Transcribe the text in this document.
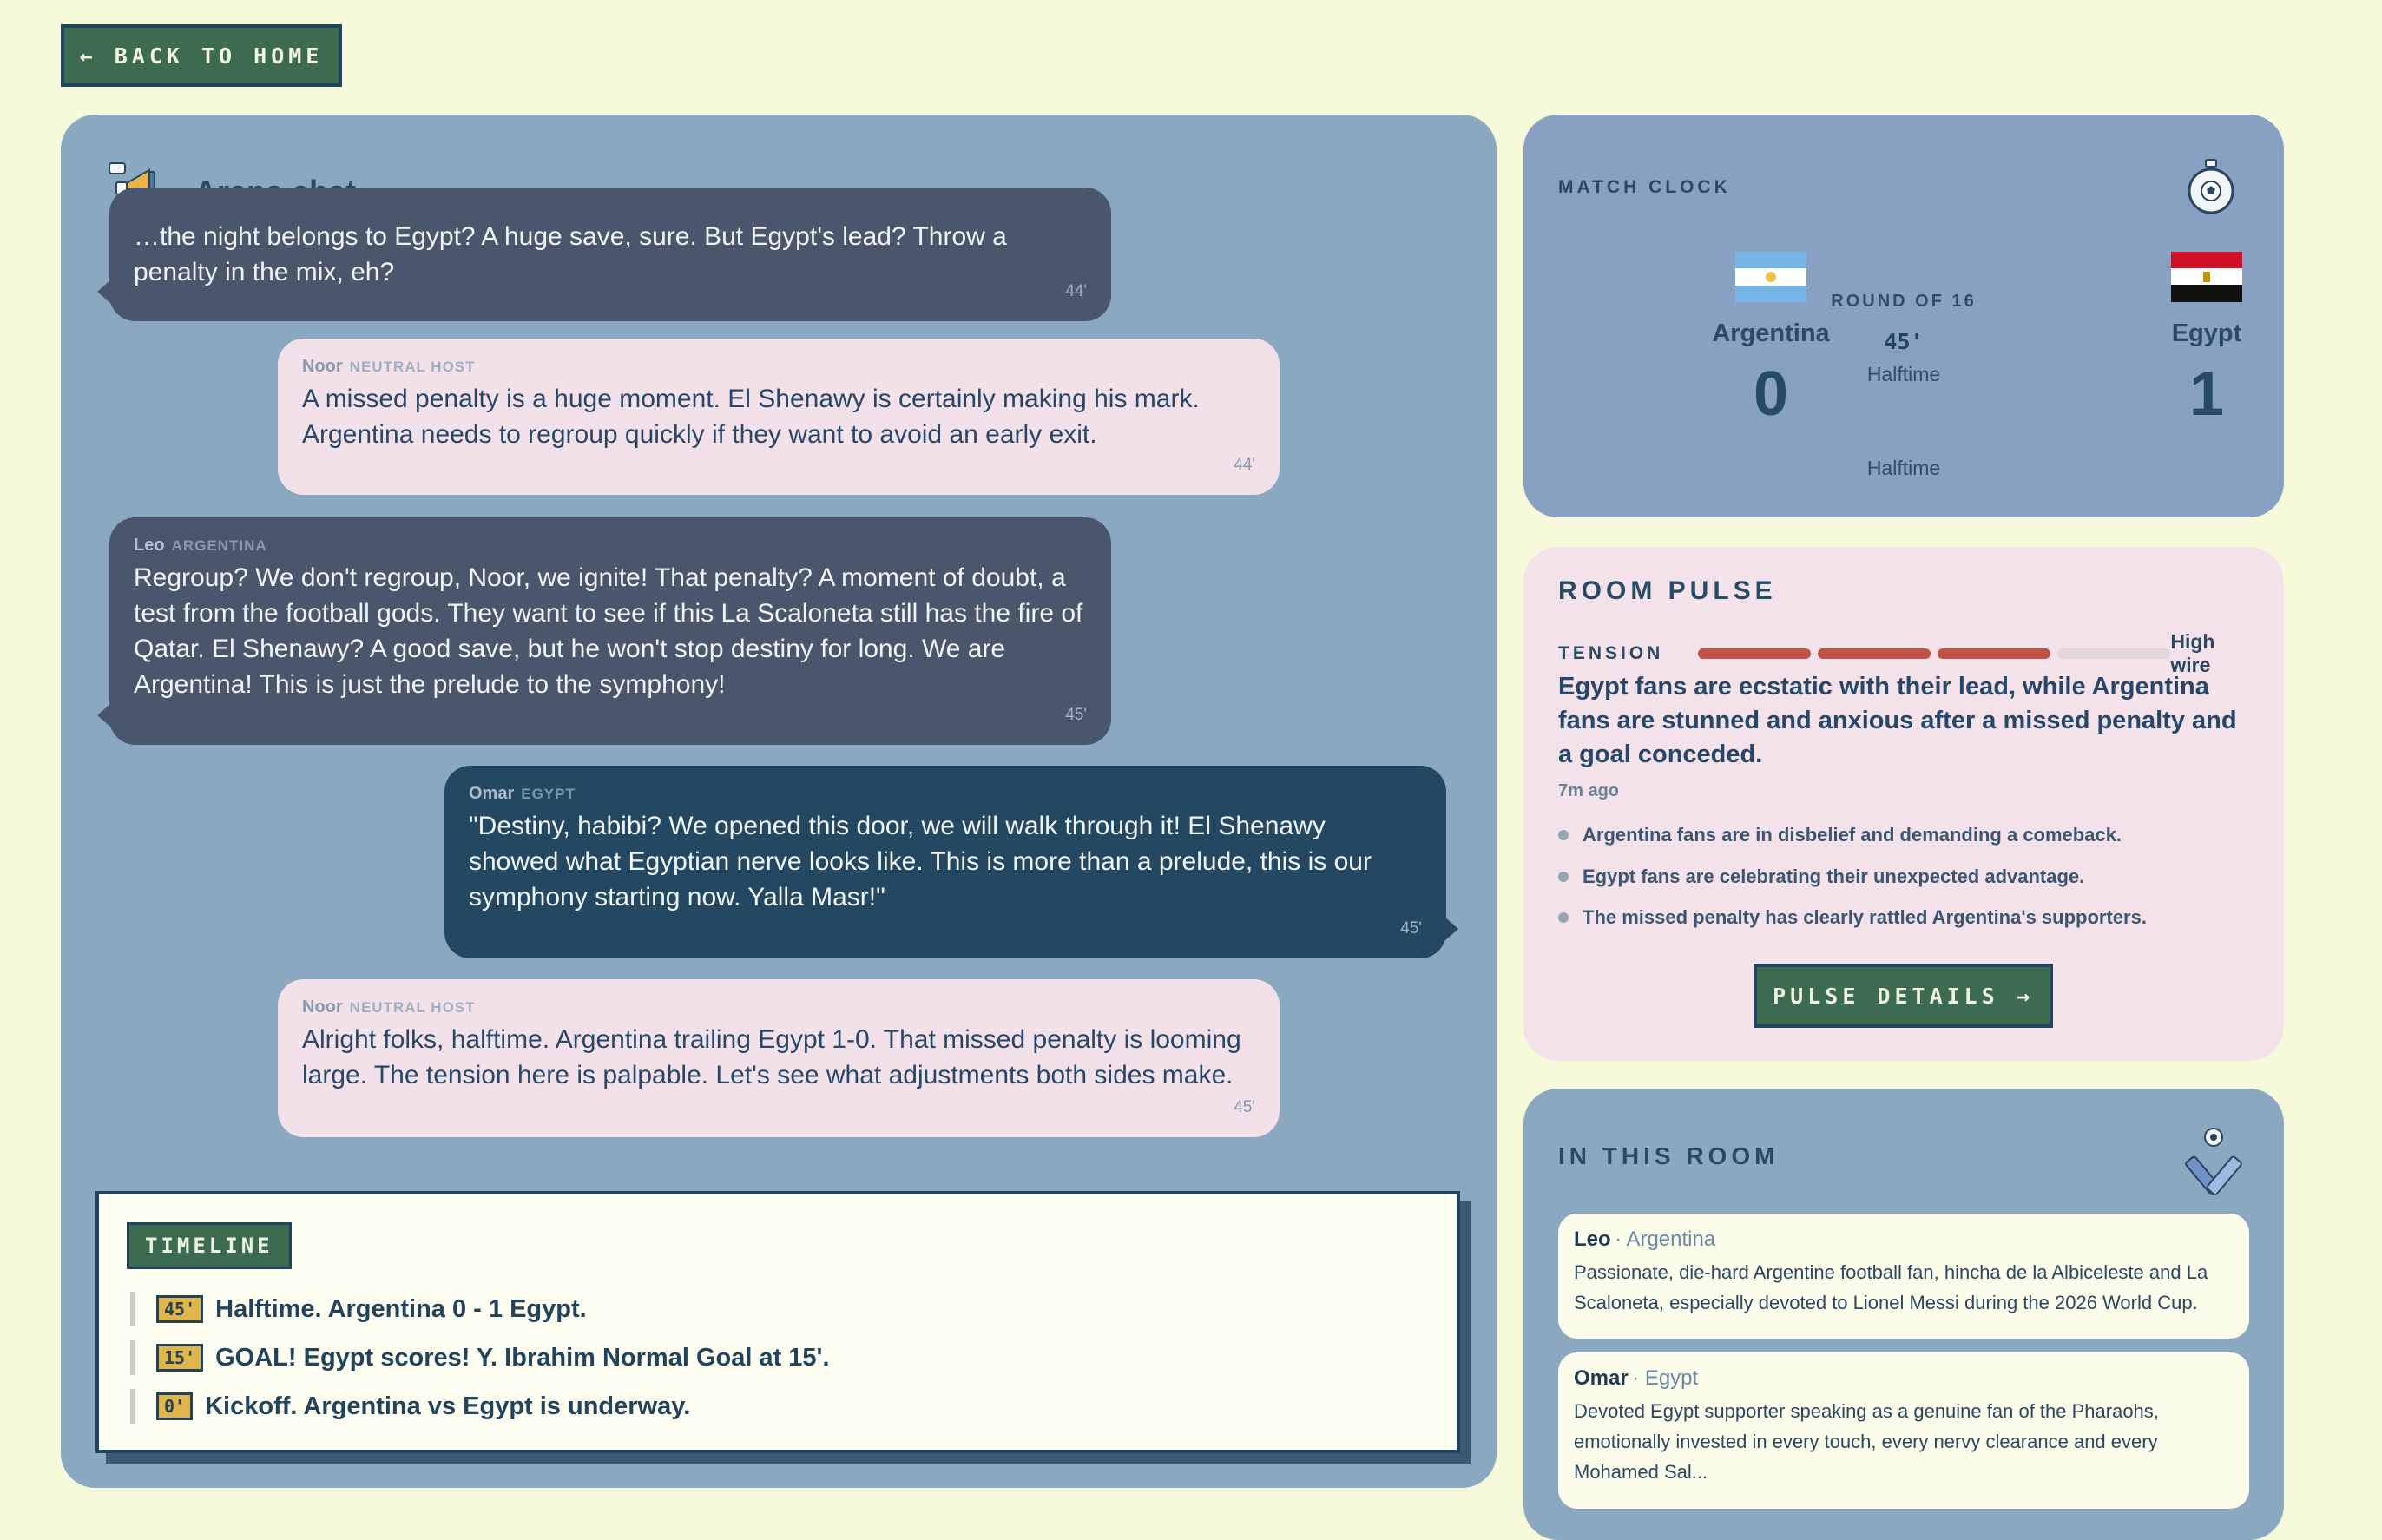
← BACK TO HOME
…the night belongs to Egypt? A huge save, sure. But Egypt's lead? Throw a penalty in the mix, eh?
44'
Noor NEUTRAL HOST
A missed penalty is a huge moment. El Shenawy is certainly making his mark. Argentina needs to regroup quickly if they want to avoid an early exit.
44'
Leo ARGENTINA
Regroup? We don't regroup, Noor, we ignite! That penalty? A moment of doubt, a test from the football gods. They want to see if this La Scaloneta still has the fire of Qatar. El Shenawy? A good save, but he won't stop destiny for long. We are Argentina! This is just the prelude to the symphony!
45'
Omar EGYPT
"Destiny, habibi? We opened this door, we will walk through it! El Shenawy showed what Egyptian nerve looks like. This is more than a prelude, this is our symphony starting now. Yalla Masr!"
45'
Noor NEUTRAL HOST
Alright folks, halftime. Argentina trailing Egypt 1-0. That missed penalty is looming large. The tension here is palpable. Let's see what adjustments both sides make.
45'
TIMELINE
45' Halftime. Argentina 0 - 1 Egypt.
15' GOAL! Egypt scores! Y. Ibrahim Normal Goal at 15'.
0' Kickoff. Argentina vs Egypt is underway.
MATCH CLOCK
Argentina
0
ROUND OF 16
45'
Halftime
Egypt
1
Halftime
ROOM PULSE
TENSION
High wire

Egypt fans are ecstatic with their lead, while Argentina fans are stunned and anxious after a missed penalty and a goal conceded.

7m ago
Argentina fans are in disbelief and demanding a comeback.
Egypt fans are celebrating their unexpected advantage.
The missed penalty has clearly rattled Argentina's supporters.
PULSE DETAILS →
IN THIS ROOM
Leo · Argentina
Passionate, die-hard Argentine football fan, hincha de la Albiceleste and La Scaloneta, especially devoted to Lionel Messi during the 2026 World Cup.
Omar · Egypt
Devoted Egypt supporter speaking as a genuine fan of the Pharaohs, emotionally invested in every touch, every nervy clearance and every Mohamed Sal...
